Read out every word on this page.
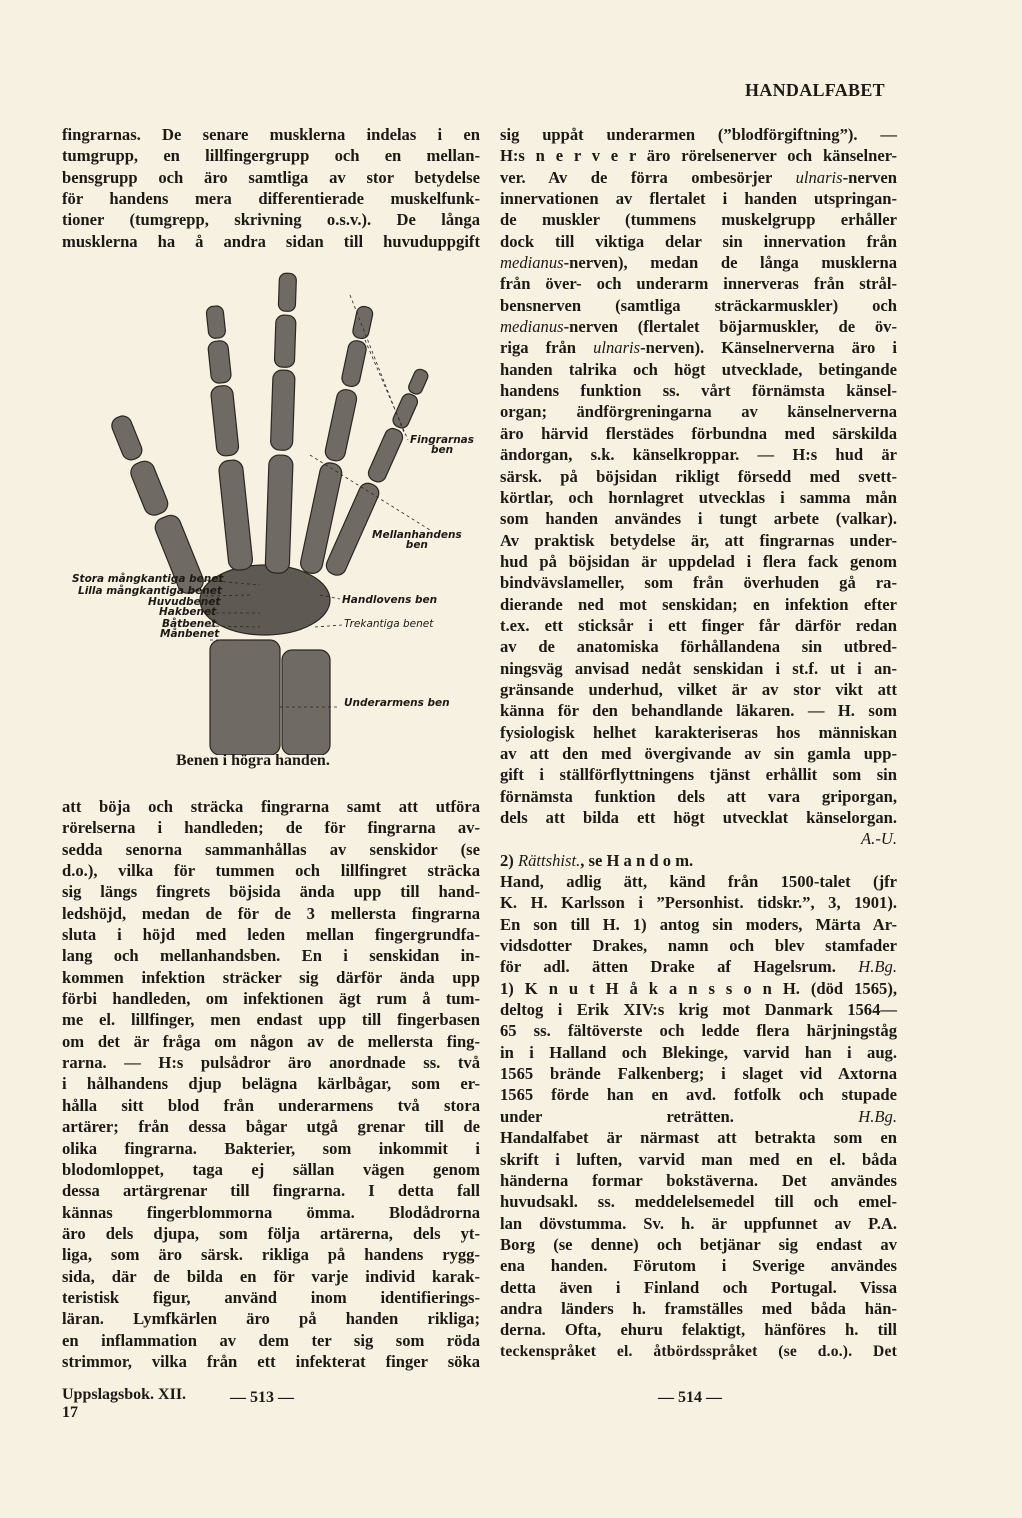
HANDALFABET
fingrarnas. De senare musklerna indelas i en
tumgrupp, en lillfingergrupp och en mellan-
bensgrupp och äro samtliga av stor betydelse
för handens mera differentierade muskelfunk-
tioner (tumgrepp, skrivning o.s.v.). De långa
musklerna ha å andra sidan till huvuduppgift
Fingrarnas
ben
Mellanhandens
ben
Stora mångkantiga benet
Lilla mångkantiga benet
Huvudbenet
Hakbenet
Båtbenet
Månbenet
Handlovens ben
Trekantiga benet
Underarmens ben
Benen i högra handen.
att böja och sträcka fingrarna samt att utföra
rörelserna i handleden; de för fingrarna av-
sedda senorna sammanhållas av senskidor (se
d.o.), vilka för tummen och lillfingret sträcka
sig längs fingrets böjsida ända upp till hand-
ledshöjd, medan de för de 3 mellersta fingrarna
sluta i höjd med leden mellan fingergrundfa-
lang och mellanhandsben. En i senskidan in-
kommen infektion sträcker sig därför ända upp
förbi handleden, om infektionen ägt rum å tum-
me el. lillfinger, men endast upp till fingerbasen
om det är fråga om någon av de mellersta fing-
rarna. — H:s pulsådror äro anordnade ss. två
i hålhandens djup belägna kärlbågar, som er-
hålla sitt blod från underarmens två stora
artärer; från dessa bågar utgå grenar till de
olika fingrarna. Bakterier, som inkommit i
blodomloppet, taga ej sällan vägen genom
dessa artärgrenar till fingrarna. I detta fall
kännas fingerblommorna ömma. Blodådrorna
äro dels djupa, som följa artärerna, dels yt-
liga, som äro särsk. rikliga på handens rygg-
sida, där de bilda en för varje individ karak-
teristisk figur, använd inom identifierings-
läran. Lymfkärlen äro på handen rikliga;
en inflammation av dem ter sig som röda
strimmor, vilka från ett infekterat finger söka
sig uppåt underarmen (”blodförgiftning”). —
H:s n e r v e r äro rörelsenerver och känselner-
ver. Av de förra ombesörjer ulnaris-nerven
innervationen av flertalet i handen utspringan-
de muskler (tummens muskelgrupp erhåller
dock till viktiga delar sin innervation från
medianus-nerven), medan de långa musklerna
från över- och underarm innerveras från strål-
bensnerven (samtliga sträckarmuskler) och
medianus-nerven (flertalet böjarmuskler, de öv-
riga från ulnaris-nerven). Känselnerverna äro i
handen talrika och högt utvecklade, betingande
handens funktion ss. vårt förnämsta känsel-
organ; ändförgreningarna av känselnerverna
äro härvid flerstädes förbundna med särskilda
ändorgan, s.k. känselkroppar. — H:s hud är
särsk. på böjsidan rikligt försedd med svett-
körtlar, och hornlagret utvecklas i samma mån
som handen användes i tungt arbete (valkar).
Av praktisk betydelse är, att fingrarnas under-
hud på böjsidan är uppdelad i flera fack genom
bindvävslameller, som från överhuden gå ra-
dierande ned mot senskidan; en infektion efter
t.ex. ett sticksår i ett finger får därför redan
av de anatomiska förhållandena sin utbred-
ningsväg anvisad nedåt senskidan i st.f. ut i an-
gränsande underhud, vilket är av stor vikt att
känna för den behandlande läkaren. — H. som
fysiologisk helhet karakteriseras hos människan
av att den med övergivande av sin gamla upp-
gift i ställförflyttningens tjänst erhållit som sin
förnämsta funktion dels att vara griporgan,
dels att bilda ett högt utvecklat känselorgan.
A.-U.
2) Rättshist., se H a n d o m.
Hand, adlig ätt, känd från 1500-talet (jfr
K. H. Karlsson i ”Personhist. tidskr.”, 3, 1901).
En son till H. 1) antog sin moders, Märta Ar-
vidsdotter Drakes, namn och blev stamfader
för adl. ätten Drake af Hagelsrum. H.Bg.
1) K n u t H å k a n s s o n H. (död 1565),
deltog i Erik XIV:s krig mot Danmark 1564—
65 ss. fältöverste och ledde flera härjningståg
in i Halland och Blekinge, varvid han i aug.
1565 brände Falkenberg; i slaget vid Axtorna
1565 förde han en avd. fotfolk och stupade
under reträtten. H.Bg.
Handalfabet är närmast att betrakta som en
skrift i luften, varvid man med en el. båda
händerna formar bokstäverna. Det användes
huvudsakl. ss. meddelelsemedel till och emel-
lan dövstumma. Sv. h. är uppfunnet av P.A.
Borg (se denne) och betjänar sig endast av
ena handen. Förutom i Sverige användes
detta även i Finland och Portugal. Vissa
andra länders h. framställes med båda hän-
derna. Ofta, ehuru felaktigt, hänföres h. till
teckenspråket el. åtbördsspråket (se d.o.). Det
Uppslagsbok. XII.
17
— 513 —	— 514 —
